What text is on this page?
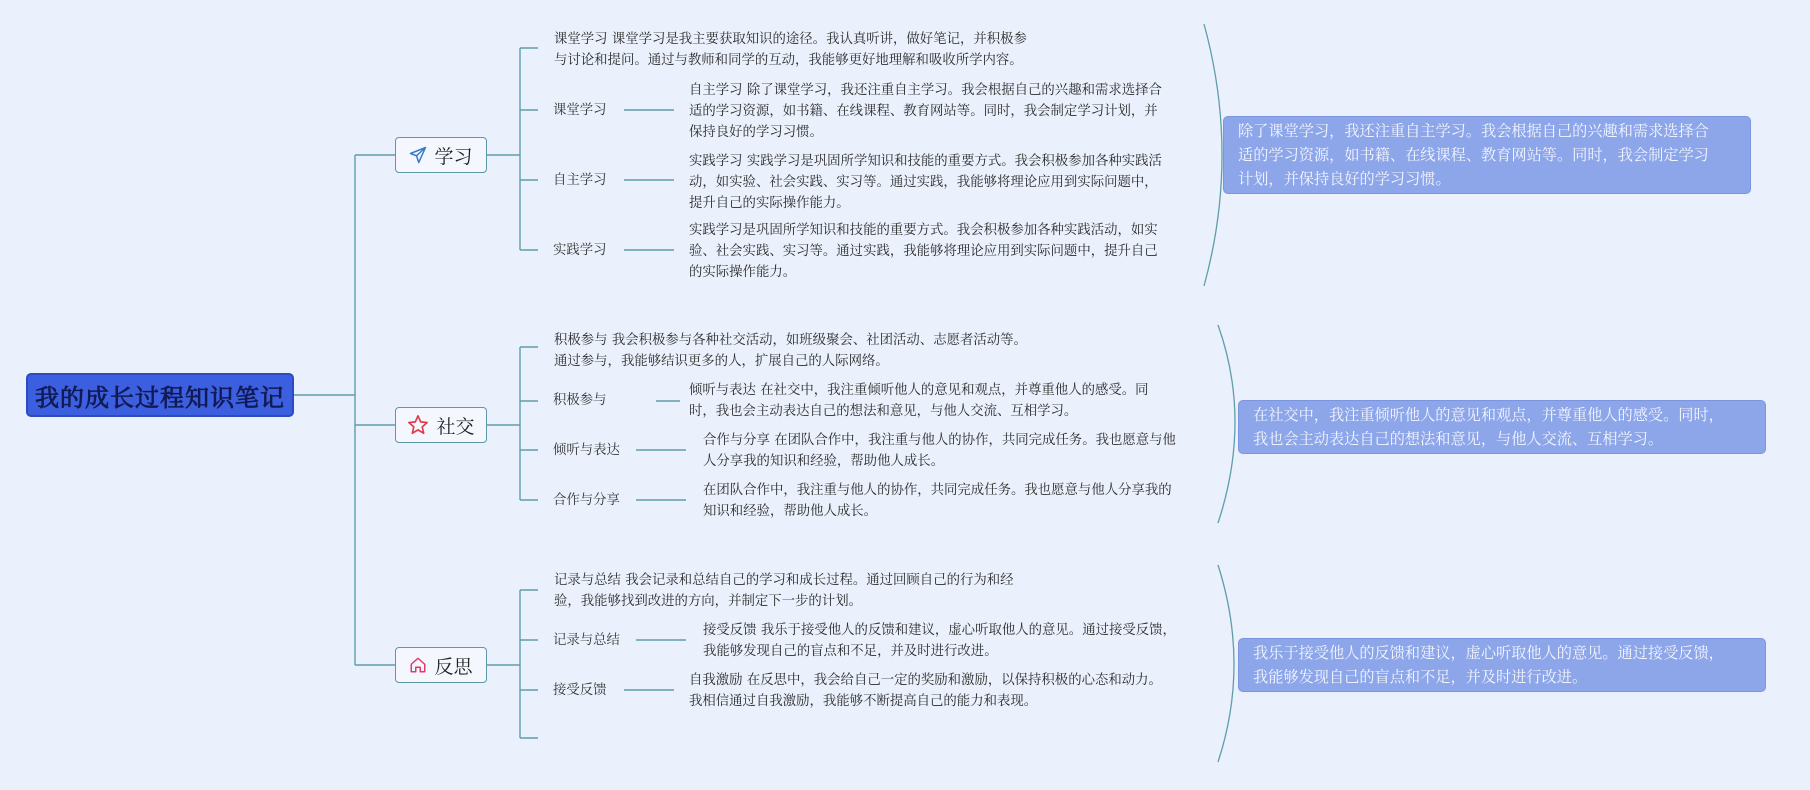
我的成长过程知识笔记
学习
课堂学习 课堂学习是我主要获取知识的途径。我认真听讲，做好笔记，并积极参
与讨论和提问。通过与教师和同学的互动，我能够更好地理解和吸收所学内容。
课堂学习
自主学习
实践学习
自主学习 除了课堂学习，我还注重自主学习。我会根据自己的兴趣和需求选择合
适的学习资源，如书籍、在线课程、教育网站等。同时，我会制定学习计划，并
保持良好的学习习惯。
实践学习 实践学习是巩固所学知识和技能的重要方式。我会积极参加各种实践活
动，如实验、社会实践、实习等。通过实践，我能够将理论应用到实际问题中，
提升自己的实际操作能力。
实践学习是巩固所学知识和技能的重要方式。我会积极参加各种实践活动，如实
验、社会实践、实习等。通过实践，我能够将理论应用到实际问题中，提升自己
的实际操作能力。
除了课堂学习，我还注重自主学习。我会根据自己的兴趣和需求选择合
适的学习资源，如书籍、在线课程、教育网站等。同时，我会制定学习
计划，并保持良好的学习习惯。
社交
积极参与 我会积极参与各种社交活动，如班级聚会、社团活动、志愿者活动等。
通过参与，我能够结识更多的人，扩展自己的人际网络。
积极参与
倾听与表达
合作与分享
倾听与表达 在社交中，我注重倾听他人的意见和观点，并尊重他人的感受。同
时，我也会主动表达自己的想法和意见，与他人交流、互相学习。
合作与分享 在团队合作中，我注重与他人的协作，共同完成任务。我也愿意与他
人分享我的知识和经验，帮助他人成长。
在团队合作中，我注重与他人的协作，共同完成任务。我也愿意与他人分享我的
知识和经验，帮助他人成长。
在社交中，我注重倾听他人的意见和观点，并尊重他人的感受。同时，
我也会主动表达自己的想法和意见，与他人交流、互相学习。
反思
记录与总结 我会记录和总结自己的学习和成长过程。通过回顾自己的行为和经
验，我能够找到改进的方向，并制定下一步的计划。
记录与总结
接受反馈
接受反馈 我乐于接受他人的反馈和建议，虚心听取他人的意见。通过接受反馈，
我能够发现自己的盲点和不足，并及时进行改进。
自我激励 在反思中，我会给自己一定的奖励和激励，以保持积极的心态和动力。
我相信通过自我激励，我能够不断提高自己的能力和表现。
我乐于接受他人的反馈和建议，虚心听取他人的意见。通过接受反馈，
我能够发现自己的盲点和不足，并及时进行改进。
